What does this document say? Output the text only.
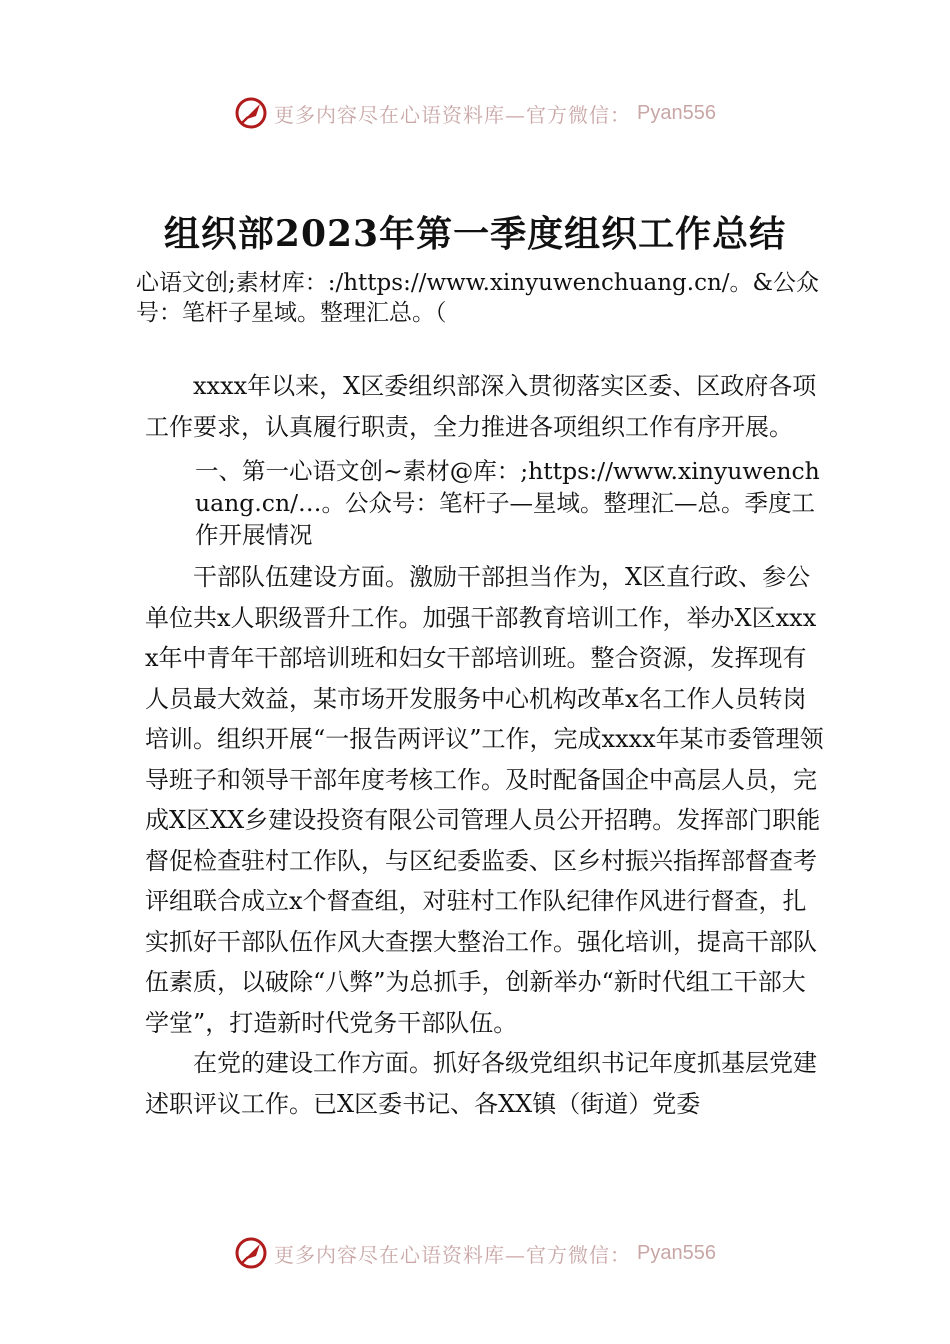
更多内容尽在心语资料库—官方微信： Pyan556
组织部2023年第一季度组织工作总结
心语文创;素材库：:/https://www.xinyuwenchuang.cn/。&公众号：笔杆子星域。整理汇总。（

xxxx年以来，X区委组织部深入贯彻落实区委、区政府各项工作要求，认真履行职责，全力推进各项组织工作有序开展。

一、第一心语文创~素材@库：;https://www.xinyuwenchuang.cn/…。公众号：笔杆子—星域。整理汇—总。季度工作开展情况

干部队伍建设方面。激励干部担当作为，X区直行政、参公单位共x人职级晋升工作。加强干部教育培训工作，举办X区xxxx年中青年干部培训班和妇女干部培训班。整合资源，发挥现有人员最大效益，某市场开发服务中心机构改革x名工作人员转岗培训。组织开展“一报告两评议”工作，完成xxxx年某市委管理领导班子和领导干部年度考核工作。及时配备国企中高层人员，完成X区XX乡建设投资有限公司管理人员公开招聘。发挥部门职能督促检查驻村工作队，与区纪委监委、区乡村振兴指挥部督查考评组联合成立x个督查组，对驻村工作队纪律作风进行督查，扎实抓好干部队伍作风大查摆大整治工作。强化培训，提高干部队伍素质，以破除“八弊”为总抓手，创新举办“新时代组工干部大学堂”，打造新时代党务干部队伍。

在党的建设工作方面。抓好各级党组织书记年度抓基层党建述职评议工作。已X区委书记、各XX镇（街道）党委

更多内容尽在心语资料库—官方微信： Pyan556
